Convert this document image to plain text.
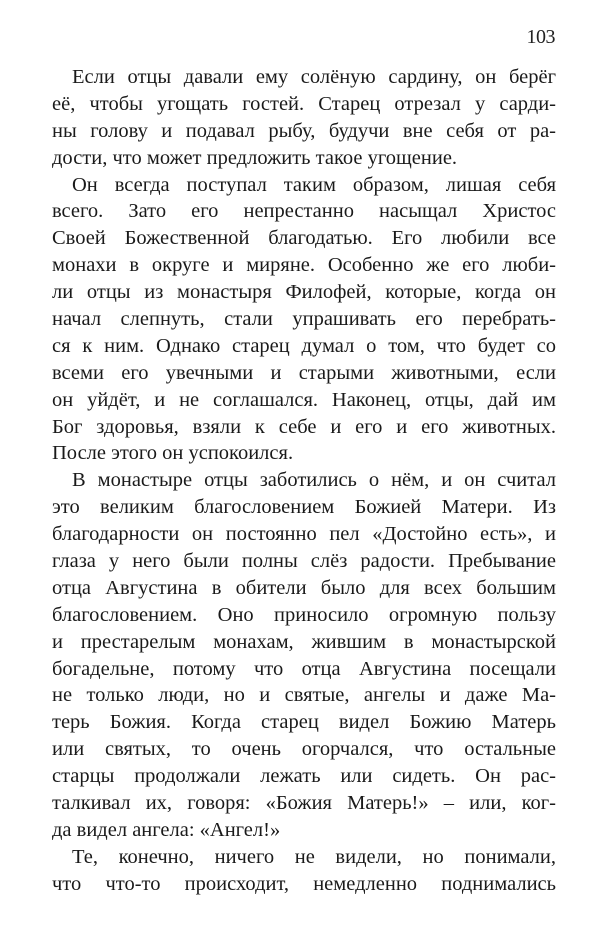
103
Если отцы давали ему солёную сардину, он берёг
её, чтобы угощать гостей. Старец отрезал у сарди-
ны голову и подавал рыбу, будучи вне себя от ра-
дости, что может предложить такое угощение.
Он всегда поступал таким образом, лишая себя
всего. Зато его непрестанно насыщал Христос
Своей Божественной благодатью. Его любили все
монахи в округе и миряне. Особенно же его люби-
ли отцы из монастыря Филофей, которые, когда он
начал слепнуть, стали упрашивать его перебрать-
ся к ним. Однако старец думал о том, что будет со
всеми его увечными и старыми животными, если
он уйдёт, и не соглашался. Наконец, отцы, дай им
Бог здоровья, взяли к себе и его и его животных.
После этого он успокоился.
В монастыре отцы заботились о нём, и он считал
это великим благословением Божией Матери. Из
благодарности он постоянно пел «Достойно есть», и
глаза у него были полны слёз радости. Пребывание
отца Августина в обители было для всех большим
благословением. Оно приносило огромную пользу
и престарелым монахам, жившим в монастырской
богадельне, потому что отца Августина посещали
не только люди, но и святые, ангелы и даже Ма-
терь Божия. Когда старец видел Божию Матерь
или святых, то очень огорчался, что остальные
старцы продолжали лежать или сидеть. Он рас-
талкивал их, говоря: «Божия Матерь!» – или, ког-
да видел ангела: «Ангел!»
Те, конечно, ничего не видели, но понимали,
что что-то происходит, немедленно поднимались
